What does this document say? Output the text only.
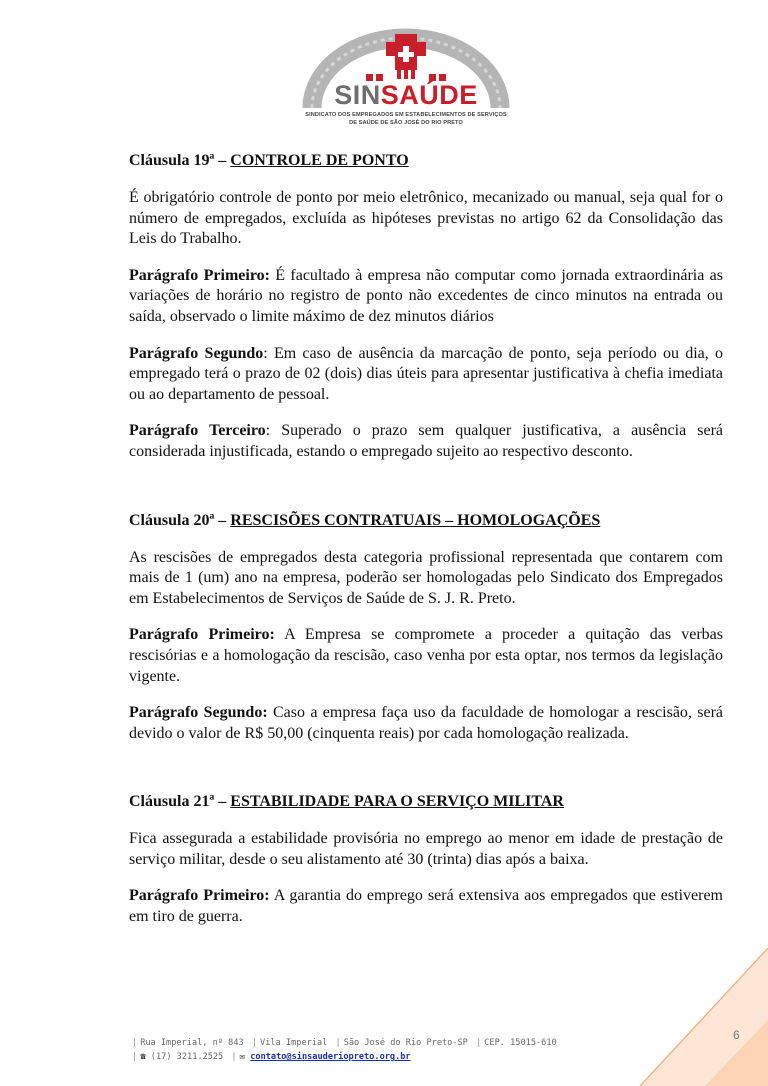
SINSAÚDE
SINDICATO DOS EMPREGADOS EM ESTABELECIMENTOS DE SERVIÇOS
DE SAÚDE DE SÃO JOSÉ DO RIO PRETO
Cláusula 19ª – CONTROLE DE PONTO

É obrigatório controle de ponto por meio eletrônico, mecanizado ou manual, seja qual for o número de empregados, excluída as hipóteses previstas no artigo 62 da Consolidação das Leis do Trabalho.

Parágrafo Primeiro: É facultado à empresa não computar como jornada extraordinária as variações de horário no registro de ponto não excedentes de cinco minutos na entrada ou saída, observado o limite máximo de dez minutos diários

Parágrafo Segundo: Em caso de ausência da marcação de ponto, seja período ou dia, o empregado terá o prazo de 02 (dois) dias úteis para apresentar justificativa à chefia imediata ou ao departamento de pessoal.

Parágrafo Terceiro: Superado o prazo sem qualquer justificativa, a ausência será considerada injustificada, estando o empregado sujeito ao respectivo desconto.

Cláusula 20ª – RESCISÕES CONTRATUAIS – HOMOLOGAÇÕES

As rescisões de empregados desta categoria profissional representada que contarem com mais de 1 (um) ano na empresa, poderão ser homologadas pelo Sindicato dos Empregados em Estabelecimentos de Serviços de Saúde de S. J. R. Preto.

Parágrafo Primeiro: A Empresa se compromete a proceder a quitação das verbas rescisórias e a homologação da rescisão, caso venha por esta optar, nos termos da legislação vigente.

Parágrafo Segundo: Caso a empresa faça uso da faculdade de homologar a rescisão, será devido o valor de R$ 50,00 (cinquenta reais) por cada homologação realizada.

Cláusula 21ª – ESTABILIDADE PARA O SERVIÇO MILITAR

Fica assegurada a estabilidade provisória no emprego ao menor em idade de prestação de serviço militar, desde o seu alistamento até 30 (trinta) dias após a baixa.

Parágrafo Primeiro: A garantia do emprego será extensiva aos empregados que estiverem em tiro de guerra.

6
| Rua Imperial, nº 843 | Vila Imperial | São José do Rio Preto-SP | CEP. 15015-610
| ☎ (17) 3211.2525 | ✉ contato@sinsauderiopreto.org.br
